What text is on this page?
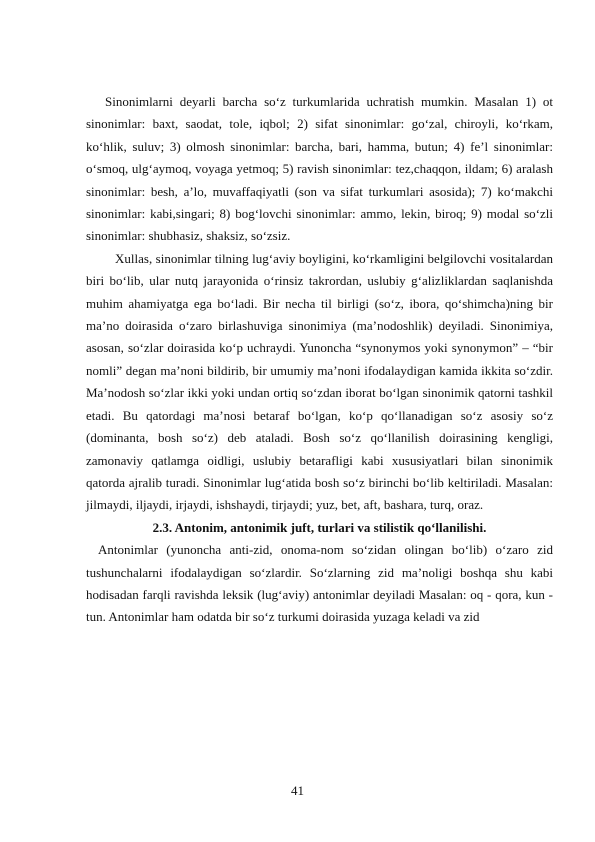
Sinonimlarni deyarli barcha so‘z turkumlarida uchratish mumkin. Masalan 1) ot sinonimlar: baxt, saodat, tole, iqbol; 2) sifat sinonimlar: go‘zal, chiroyli, ko‘rkam, ko‘hlik, suluv; 3) olmosh sinonimlar: barcha, bari, hamma, butun; 4) fe’l sinonimlar: o‘smoq, ulg‘aymoq, voyaga yetmoq; 5) ravish sinonimlar: tez,chaqqon, ildam; 6) aralash sinonimlar: besh, a’lo, muvaffaqiyatli (son va sifat turkumlari asosida); 7) ko‘makchi sinonimlar: kabi,singari; 8) bog‘lovchi sinonimlar: ammo, lekin, biroq; 9) modal so‘zli sinonimlar: shubhasiz, shaksiz, so‘zsiz.

Xullas, sinonimlar tilning lug‘aviy boyligini, ko‘rkamligini belgilovchi vositalardan biri bo‘lib, ular nutq jarayonida o‘rinsiz takrordan, uslubiy g‘alizliklardan saqlanishda muhim ahamiyatga ega bo‘ladi. Bir necha til birligi (so‘z, ibora, qo‘shimcha)ning bir ma’no doirasida o‘zaro birlashuviga sinonimiya (ma’nodoshlik) deyiladi. Sinonimiya, asosan, so‘zlar doirasida ko‘p uchraydi. Yunoncha “synonymos yoki synonymon” – “bir nomli” degan ma’noni bildirib, bir umumiy ma’noni ifodalaydigan kamida ikkita so‘zdir. Ma’nodosh so‘zlar ikki yoki undan ortiq so‘zdan iborat bo‘lgan sinonimik qatorni tashkil etadi. Bu qatordagi ma’nosi betaraf bo‘lgan, ko‘p qo‘llanadigan so‘z asosiy so‘z (dominanta, bosh so‘z) deb ataladi. Bosh so‘z qo‘llanilish doirasining kengligi, zamonaviy qatlamga oidligi, uslubiy betarafligi kabi xususiyatlari bilan sinonimik qatorda ajralib turadi. Sinonimlar lug‘atida bosh so‘z birinchi bo‘lib keltiriladi. Masalan: jilmaydi, iljaydi, irjaydi, ishshaydi, tirjaydi; yuz, bet, aft, bashara, turq, oraz.

2.3. Antonim, antonimik juft, turlari va stilistik qo‘llanilishi.

Antonimlar (yunoncha anti-zid, onoma-nom so‘zidan olingan bo‘lib) o‘zaro zid tushunchalarni ifodalaydigan so‘zlardir. So‘zlarning zid ma’noligi boshqa shu kabi hodisadan farqli ravishda leksik (lug‘aviy) antonimlar deyiladi Masalan: oq - qora, kun - tun. Antonimlar ham odatda bir so‘z turkumi doirasida yuzaga keladi va zid

41
